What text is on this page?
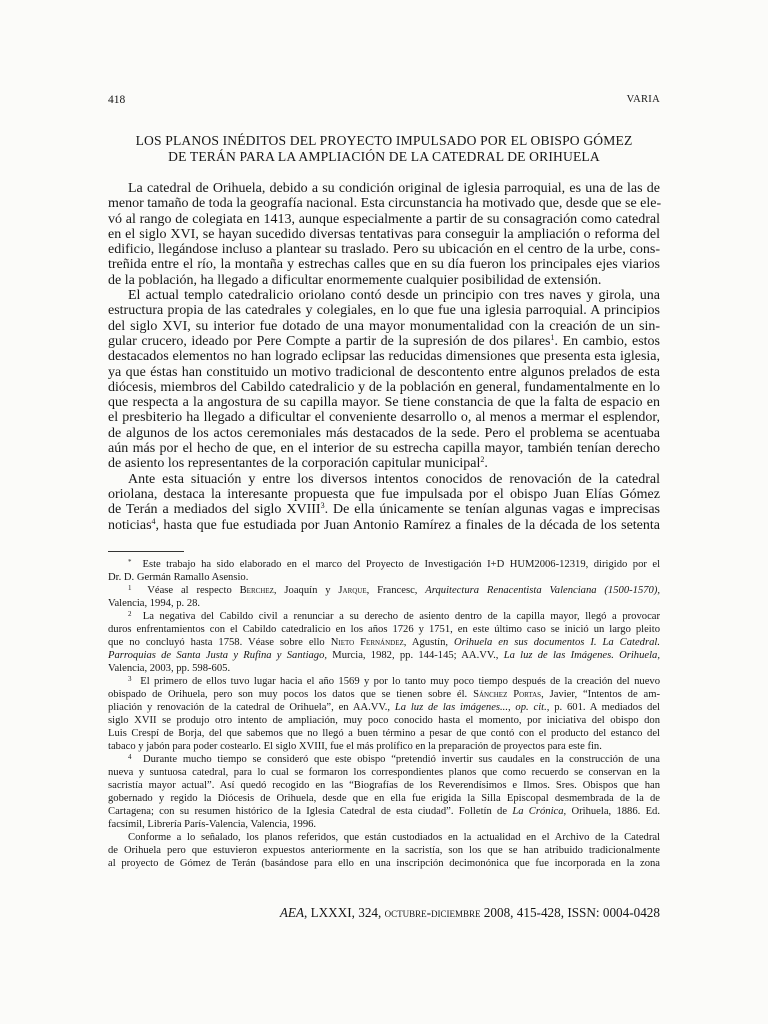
418	VARIA
LOS PLANOS INÉDITOS DEL PROYECTO IMPULSADO POR EL OBISPO GÓMEZ
DE TERÁN PARA LA AMPLIACIÓN DE LA CATEDRAL DE ORIHUELA

La catedral de Orihuela, debido a su condición original de iglesia parroquial, es una de las de
menor tamaño de toda la geografía nacional. Esta circunstancia ha motivado que, desde que se ele-
vó al rango de colegiata en 1413, aunque especialmente a partir de su consagración como catedral
en el siglo XVI, se hayan sucedido diversas tentativas para conseguir la ampliación o reforma del
edificio, llegándose incluso a plantear su traslado. Pero su ubicación en el centro de la urbe, cons-
treñida entre el río, la montaña y estrechas calles que en su día fueron los principales ejes viarios
de la población, ha llegado a dificultar enormemente cualquier posibilidad de extensión.

El actual templo catedralicio oriolano contó desde un principio con tres naves y girola, una
estructura propia de las catedrales y colegiales, en lo que fue una iglesia parroquial. A principios
del siglo XVI, su interior fue dotado de una mayor monumentalidad con la creación de un sin-
gular crucero, ideado por Pere Compte a partir de la supresión de dos pilares$^1$. En cambio, estos
destacados elementos no han logrado eclipsar las reducidas dimensiones que presenta esta iglesia,
ya que éstas han constituido un motivo tradicional de descontento entre algunos prelados de esta
diócesis, miembros del Cabildo catedralicio y de la población en general, fundamentalmente en lo
que respecta a la angostura de su capilla mayor. Se tiene constancia de que la falta de espacio en
el presbiterio ha llegado a dificultar el conveniente desarrollo o, al menos a mermar el esplendor,
de algunos de los actos ceremoniales más destacados de la sede. Pero el problema se acentuaba
aún más por el hecho de que, en el interior de su estrecha capilla mayor, también tenían derecho
de asiento los representantes de la corporación capitular municipal$^2$.

Ante esta situación y entre los diversos intentos conocidos de renovación de la catedral
oriolana, destaca la interesante propuesta que fue impulsada por el obispo Juan Elías Gómez
de Terán a mediados del siglo XVIII$^3$. De ella únicamente se tenían algunas vagas e imprecisas
noticias$^4$, hasta que fue estudiada por Juan Antonio Ramírez a finales de la década de los setenta

* Este trabajo ha sido elaborado en el marco del Proyecto de Investigación I+D HUM2006-12319, dirigido por el
Dr. D. Germán Ramallo Asensio.
$^1$ Véase al respecto Berchez, Joaquín y Jarque, Francesc, Arquitectura Renacentista Valenciana (1500-1570),
Valencia, 1994, p. 28.
$^2$ La negativa del Cabildo civil a renunciar a su derecho de asiento dentro de la capilla mayor, llegó a provocar
duros enfrentamientos con el Cabildo catedralicio en los años 1726 y 1751, en este último caso se inició un largo pleito
que no concluyó hasta 1758. Véase sobre ello Nieto Fernández, Agustín, Orihuela en sus documentos I. La Catedral.
Parroquias de Santa Justa y Rufina y Santiago, Murcia, 1982, pp. 144-145; AA.VV., La luz de las Imágenes. Orihuela,
Valencia, 2003, pp. 598-605.
$^3$ El primero de ellos tuvo lugar hacia el año 1569 y por lo tanto muy poco tiempo después de la creación del nuevo
obispado de Orihuela, pero son muy pocos los datos que se tienen sobre él. Sánchez Portas, Javier, “Intentos de am-
pliación y renovación de la catedral de Orihuela”, en AA.VV., La luz de las imágenes..., op. cit., p. 601. A mediados del
siglo XVII se produjo otro intento de ampliación, muy poco conocido hasta el momento, por iniciativa del obispo don
Luis Crespí de Borja, del que sabemos que no llegó a buen término a pesar de que contó con el producto del estanco del
tabaco y jabón para poder costearlo. El siglo XVIII, fue el más prolífico en la preparación de proyectos para este fin.
$^4$ Durante mucho tiempo se consideró que este obispo “pretendió invertir sus caudales en la construcción de una
nueva y suntuosa catedral, para lo cual se formaron los correspondientes planos que como recuerdo se conservan en la
sacristía mayor actual”. Así quedó recogido en las “Biografías de los Reverendísimos e Ilmos. Sres. Obispos que han
gobernado y regido la Diócesis de Orihuela, desde que en ella fue erigida la Silla Episcopal desmembrada de la de
Cartagena; con su resumen histórico de la Iglesia Catedral de esta ciudad”. Folletín de La Crónica, Orihuela, 1886. Ed.
facsímil, Librería París-Valencia, Valencia, 1996.
Conforme a lo señalado, los planos referidos, que están custodiados en la actualidad en el Archivo de la Catedral
de Orihuela pero que estuvieron expuestos anteriormente en la sacristía, son los que se han atribuido tradicionalmente
al proyecto de Gómez de Terán (basándose para ello en una inscripción decimonónica que fue incorporada en la zona
AEA, LXXXI, 324, octubre-diciembre 2008, 415-428, ISSN: 0004-0428
